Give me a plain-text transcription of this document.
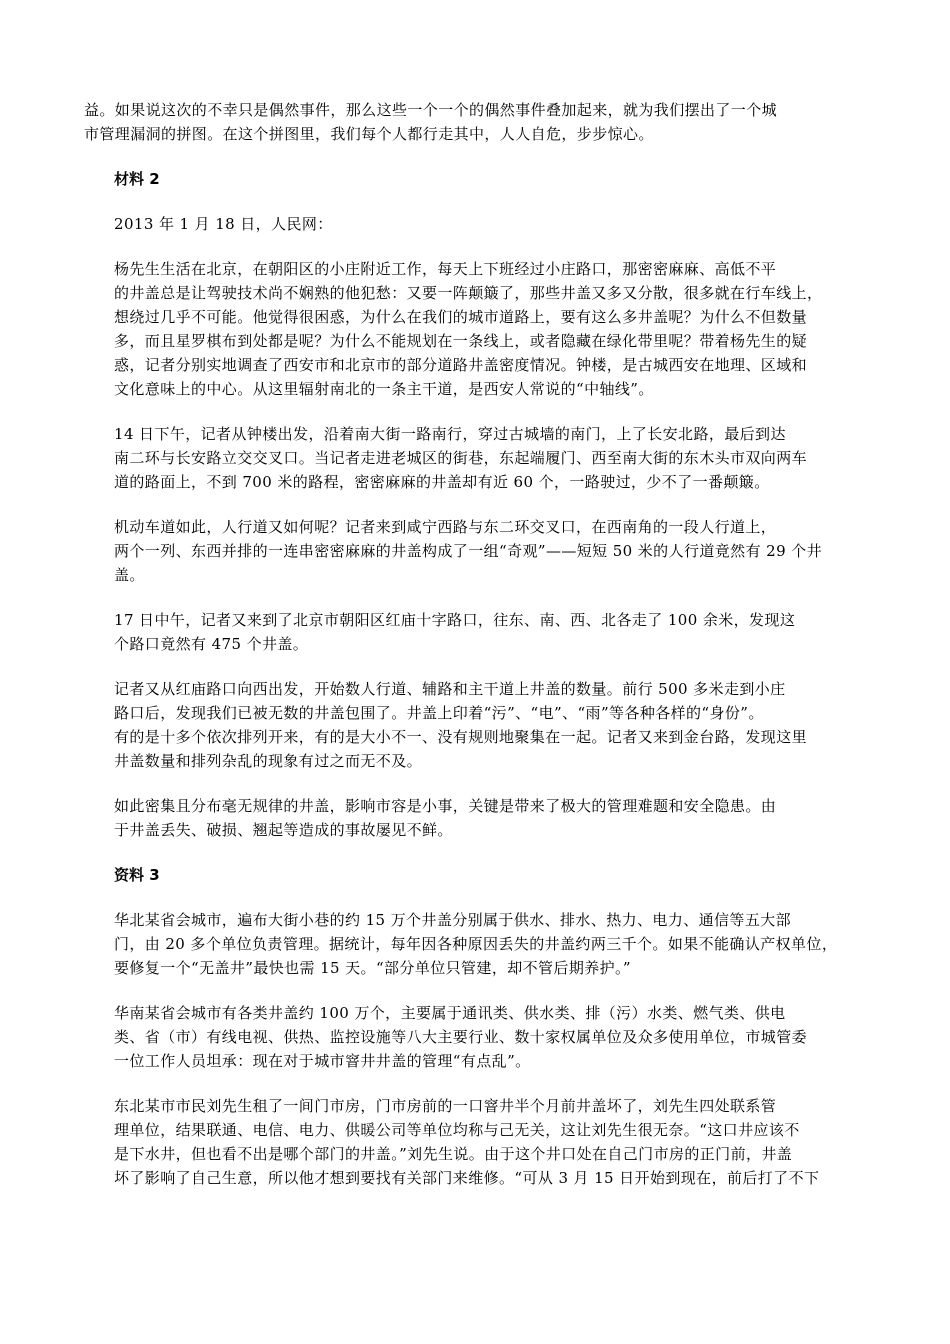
益。如果说这次的不幸只是偶然事件，那么这些一个一个的偶然事件叠加起来，就为我们摆出了一个城
市管理漏洞的拼图。在这个拼图里，我们每个人都行走其中，人人自危，步步惊心。

材料 2

2013 年 1 月 18 日，人民网：

杨先生生活在北京，在朝阳区的小庄附近工作，每天上下班经过小庄路口，那密密麻麻、高低不平
的井盖总是让驾驶技术尚不娴熟的他犯愁：又要一阵颠簸了，那些井盖又多又分散，很多就在行车线上，
想绕过几乎不可能。他觉得很困惑，为什么在我们的城市道路上，要有这么多井盖呢？为什么不但数量
多，而且星罗棋布到处都是呢？为什么不能规划在一条线上，或者隐藏在绿化带里呢？带着杨先生的疑
惑，记者分别实地调查了西安市和北京市的部分道路井盖密度情况。钟楼，是古城西安在地理、区域和
文化意味上的中心。从这里辐射南北的一条主干道，是西安人常说的“中轴线”。

14 日下午，记者从钟楼出发，沿着南大街一路南行，穿过古城墙的南门，上了长安北路，最后到达
南二环与长安路立交交叉口。当记者走进老城区的街巷，东起端履门、西至南大街的东木头市双向两车
道的路面上，不到 700 米的路程，密密麻麻的井盖却有近 60 个，一路驶过，少不了一番颠簸。

机动车道如此，人行道又如何呢？记者来到咸宁西路与东二环交叉口，在西南角的一段人行道上，
两个一列、东西并排的一连串密密麻麻的井盖构成了一组“奇观”——短短 50 米的人行道竟然有 29 个井
盖。

17 日中午，记者又来到了北京市朝阳区红庙十字路口，往东、南、西、北各走了 100 余米，发现这
个路口竟然有 475 个井盖。

记者又从红庙路口向西出发，开始数人行道、辅路和主干道上井盖的数量。前行 500 多米走到小庄
路口后，发现我们已被无数的井盖包围了。井盖上印着“污”、“电”、“雨”等各种各样的“身份”。
有的是十多个依次排列开来，有的是大小不一、没有规则地聚集在一起。记者又来到金台路，发现这里
井盖数量和排列杂乱的现象有过之而无不及。

如此密集且分布毫无规律的井盖，影响市容是小事，关键是带来了极大的管理难题和安全隐患。由
于井盖丢失、破损、翘起等造成的事故屡见不鲜。

资料 3

华北某省会城市，遍布大街小巷的约 15 万个井盖分别属于供水、排水、热力、电力、通信等五大部
门，由 20 多个单位负责管理。据统计，每年因各种原因丢失的井盖约两三千个。如果不能确认产权单位，
要修复一个“无盖井”最快也需 15 天。“部分单位只管建，却不管后期养护。”

华南某省会城市有各类井盖约 100 万个，主要属于通讯类、供水类、排（污）水类、燃气类、供电
类、省（市）有线电视、供热、监控设施等八大主要行业、数十家权属单位及众多使用单位，市城管委
一位工作人员坦承：现在对于城市窨井井盖的管理“有点乱”。

东北某市市民刘先生租了一间门市房，门市房前的一口窨井半个月前井盖坏了，刘先生四处联系管
理单位，结果联通、电信、电力、供暖公司等单位均称与己无关，这让刘先生很无奈。“这口井应该不
是下水井，但也看不出是哪个部门的井盖。”刘先生说。由于这个井口处在自己门市房的正门前，井盖
坏了影响了自己生意，所以他才想到要找有关部门来维修。“可从 3 月 15 日开始到现在，前后打了不下
